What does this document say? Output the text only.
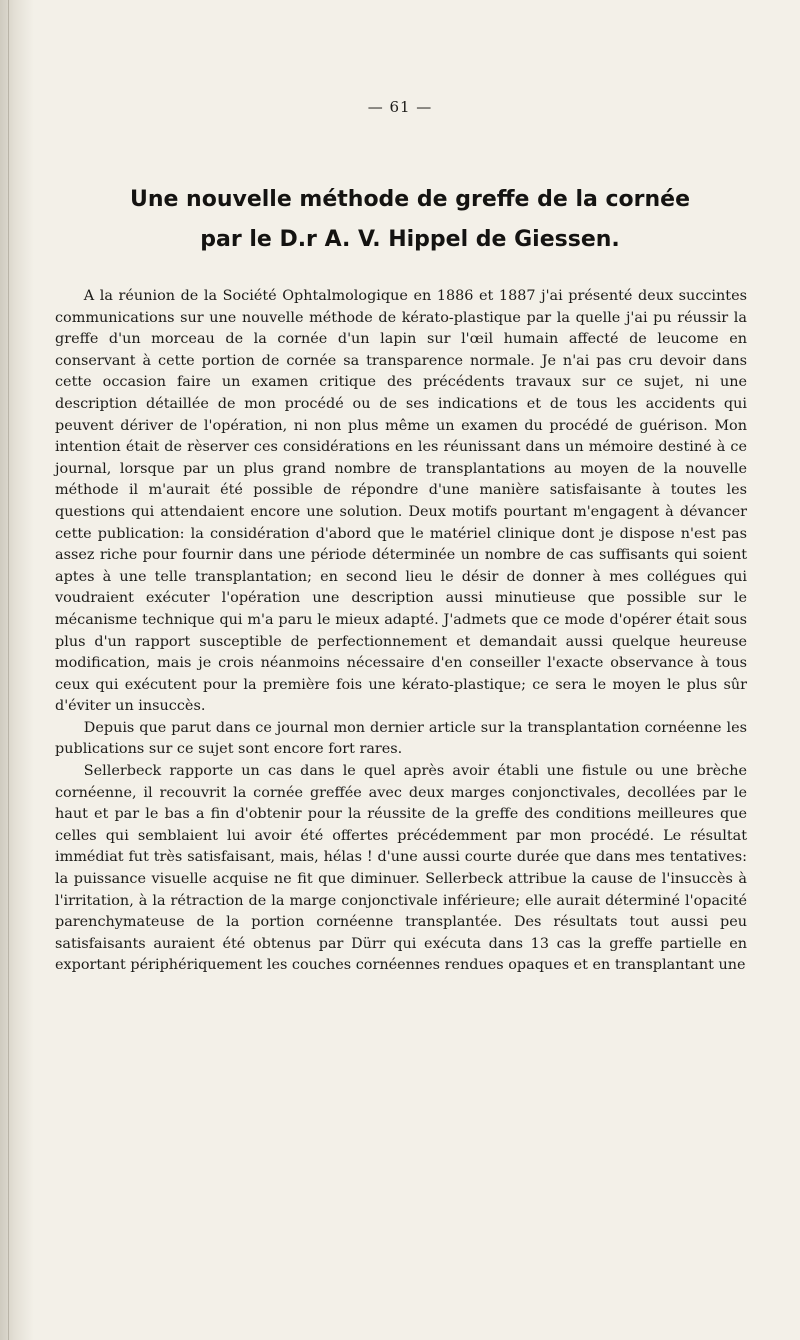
— 61 —
Une nouvelle méthode de greffe de la cornée
par le D.r A. V. Hippel de Giessen.

A la réunion de la Société Ophtalmologique en 1886 et 1887 j'ai présenté deux succintes communications sur une nouvelle méthode de kérato-plastique par la quelle j'ai pu réussir la greffe d'un morceau de la cornée d'un lapin sur l'œil humain affecté de leucome en conservant à cette portion de cornée sa transparence normale. Je n'ai pas cru devoir dans cette occasion faire un examen critique des précédents travaux sur ce sujet, ni une description détaillée de mon procédé ou de ses indications et de tous les accidents qui peuvent dériver de l'opération, ni non plus même un examen du procédé de guérison. Mon intention était de rèserver ces considérations en les réunissant dans un mémoire destiné à ce journal, lorsque par un plus grand nombre de transplantations au moyen de la nouvelle méthode il m'aurait été possible de répondre d'une manière satisfaisante à toutes les questions qui attendaient encore une solution. Deux motifs pourtant m'engagent à dévancer cette publication: la considération d'abord que le matériel clinique dont je dispose n'est pas assez riche pour fournir dans une période déterminée un nombre de cas suffisants qui soient aptes à une telle transplantation; en second lieu le désir de donner à mes collégues qui voudraient exécuter l'opération une description aussi minutieuse que possible sur le mécanisme technique qui m'a paru le mieux adapté. J'admets que ce mode d'opérer était sous plus d'un rapport susceptible de perfectionnement et demandait aussi quelque heureuse modification, mais je crois néanmoins nécessaire d'en conseiller l'exacte observance à tous ceux qui exécutent pour la première fois une kérato-plastique; ce sera le moyen le plus sûr d'éviter un insuccès.

Depuis que parut dans ce journal mon dernier article sur la transplantation cornéenne les publications sur ce sujet sont encore fort rares.

Sellerbeck rapporte un cas dans le quel après avoir établi une fistule ou une brèche cornéenne, il recouvrit la cornée greffée avec deux marges conjonctivales, decollées par le haut et par le bas a fin d'obtenir pour la réussite de la greffe des conditions meilleures que celles qui semblaient lui avoir été offertes précédemment par mon procédé. Le résultat immédiat fut très satisfaisant, mais, hélas ! d'une aussi courte durée que dans mes tentatives: la puissance visuelle acquise ne fit que diminuer. Sellerbeck attribue la cause de l'insuccès à l'irritation, à la rétraction de la marge conjonctivale inférieure; elle aurait déterminé l'opacité parenchymateuse de la portion cornéenne transplantée. Des résultats tout aussi peu satisfaisants auraient été obtenus par Dürr qui exécuta dans 13 cas la greffe partielle en exportant périphériquement les couches cornéennes rendues opaques et en transplantant une
